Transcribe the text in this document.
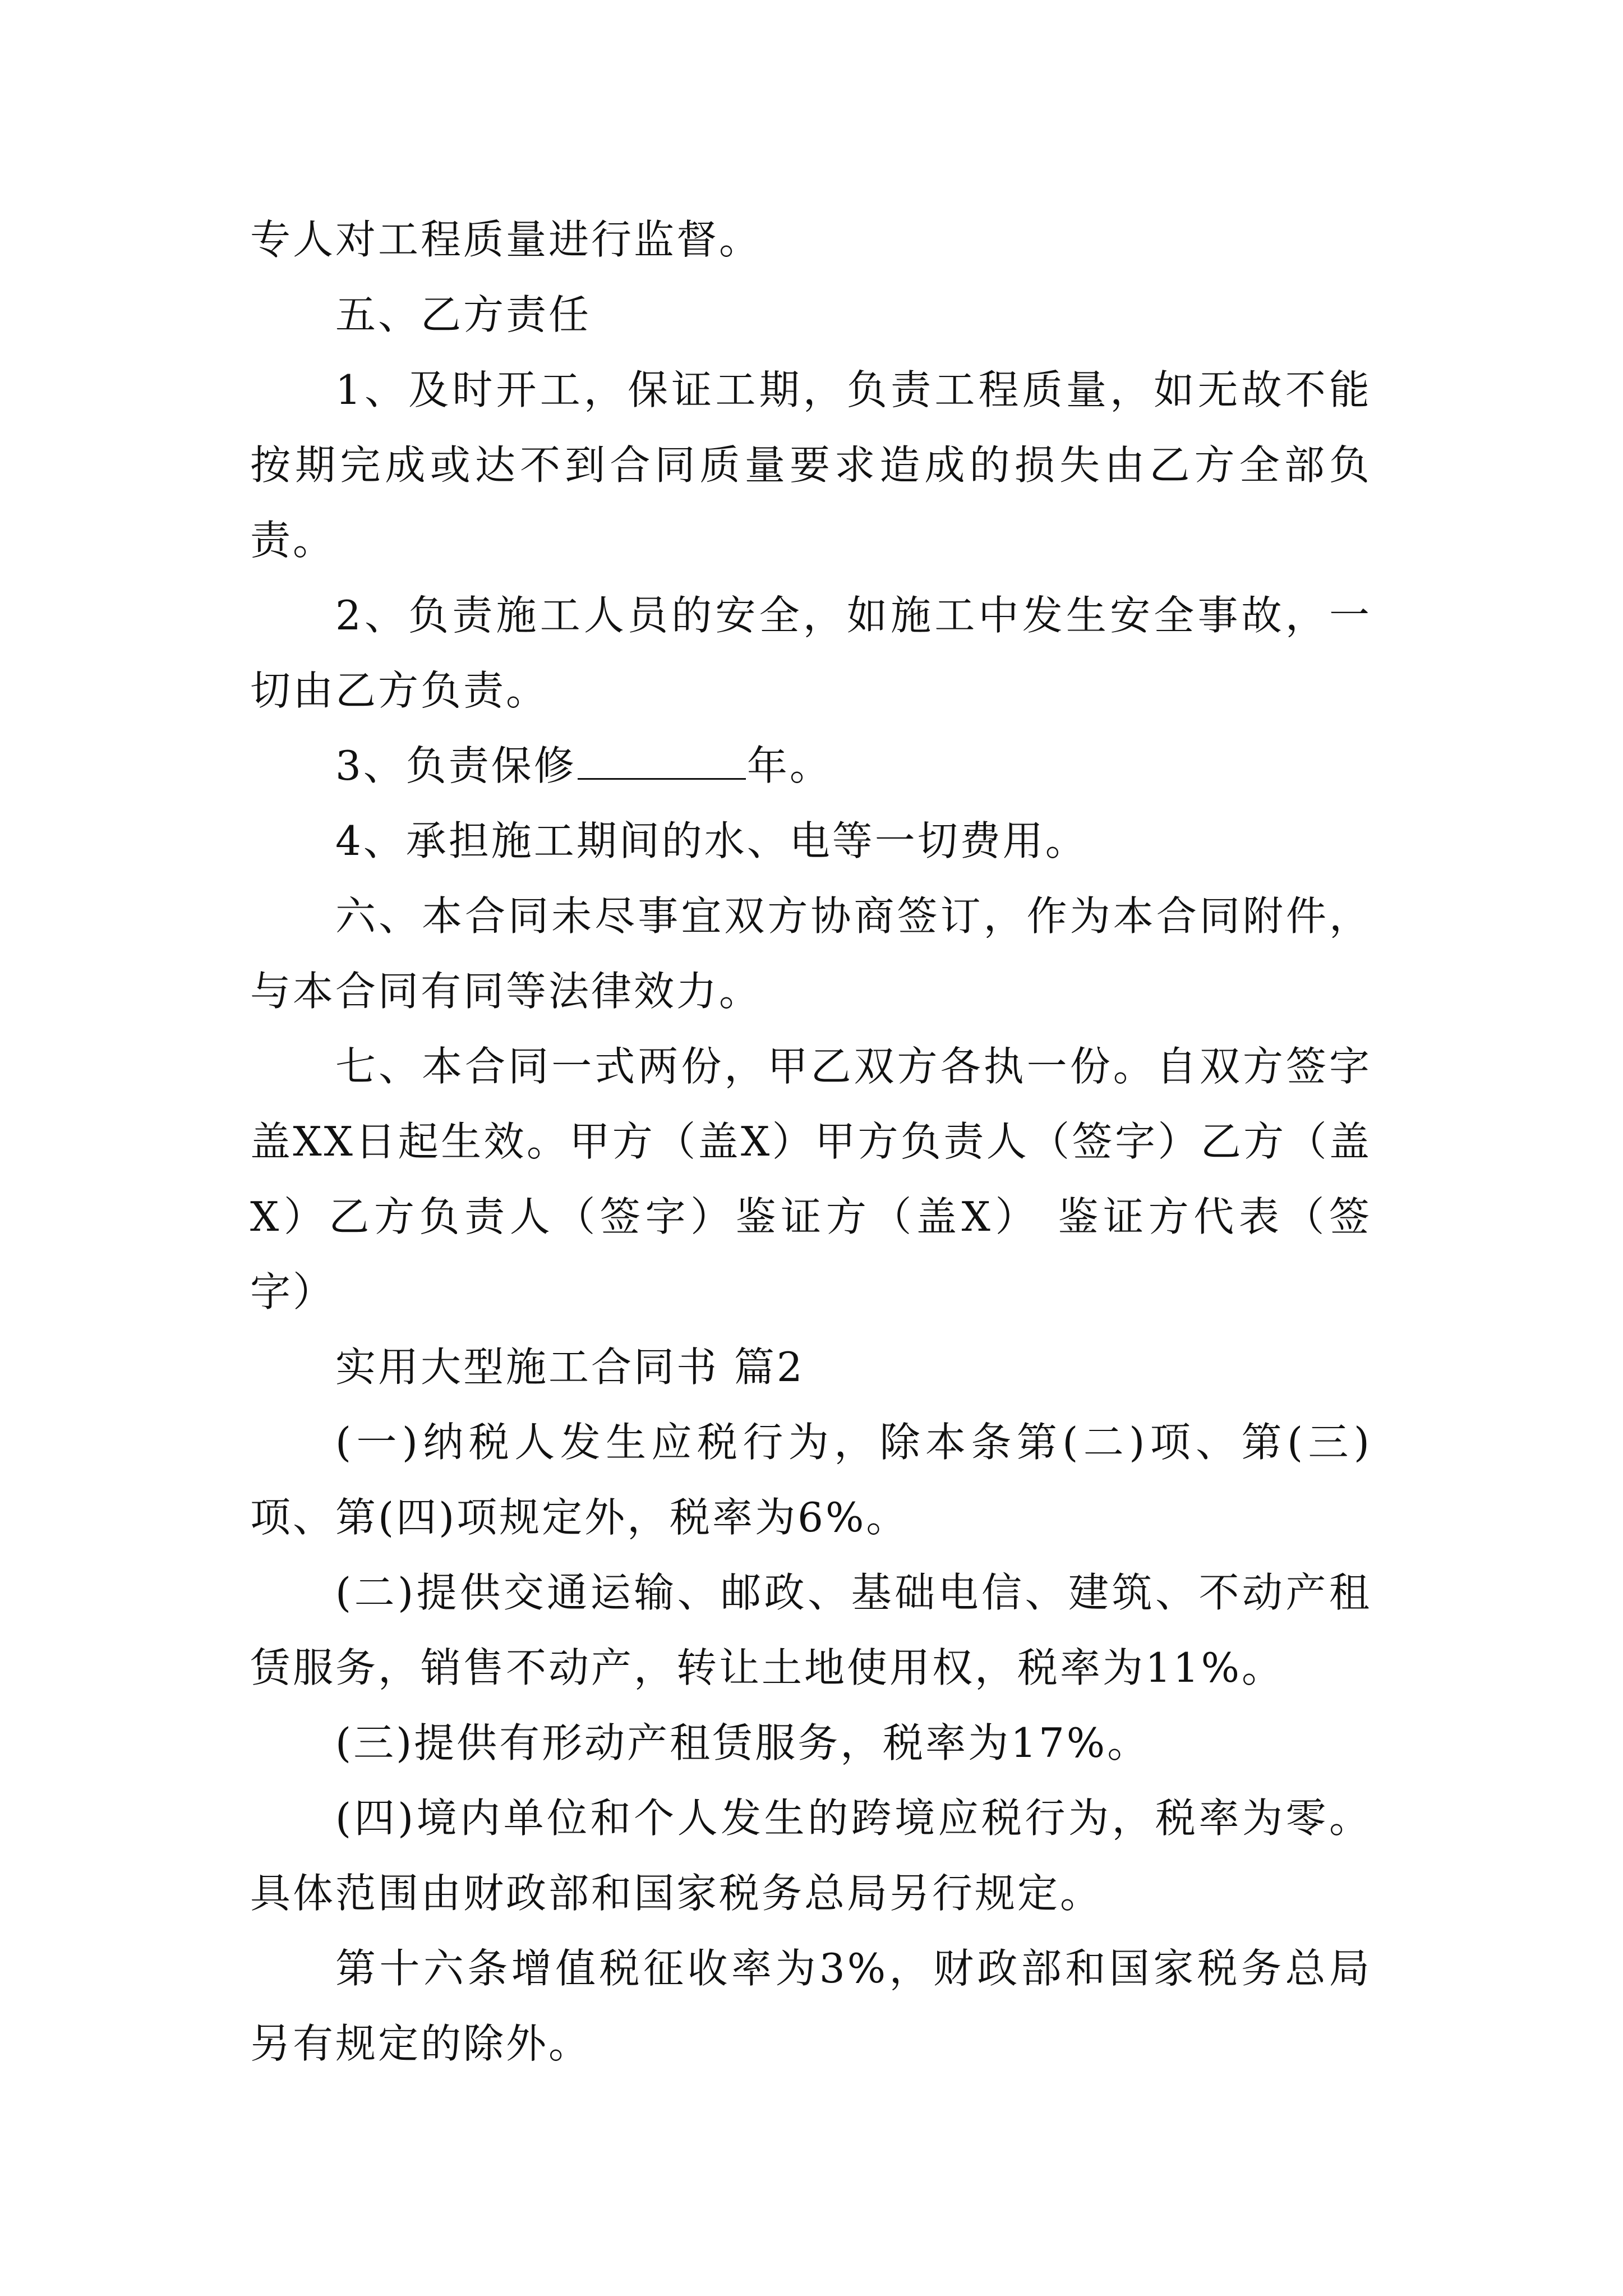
专人对工程质量进行监督。

五、乙方责任

1、及时开工，保证工期，负责工程质量，如无故不能按期完成或达不到合同质量要求造成的损失由乙方全部负责。

2、负责施工人员的安全，如施工中发生安全事故，一切由乙方负责。

3、负责保修	年。

4、承担施工期间的水、电等一切费用。

六、本合同未尽事宜双方协商签订，作为本合同附件，与本合同有同等法律效力。

七、本合同一式两份，甲乙双方各执一份。自双方签字盖XX日起生效。甲方（盖X）甲方负责人（签字）乙方（盖X）乙方负责人（签字）鉴证方（盖X） 鉴证方代表（签字）

实用大型施工合同书 篇2

(一)纳税人发生应税行为，除本条第(二)项、第(三)项、第(四)项规定外，税率为6%。

(二)提供交通运输、邮政、基础电信、建筑、不动产租赁服务，销售不动产，转让土地使用权，税率为11%。

(三)提供有形动产租赁服务，税率为17%。

(四)境内单位和个人发生的跨境应税行为，税率为零。具体范围由财政部和国家税务总局另行规定。

第十六条增值税征收率为3%，财政部和国家税务总局另有规定的除外。
